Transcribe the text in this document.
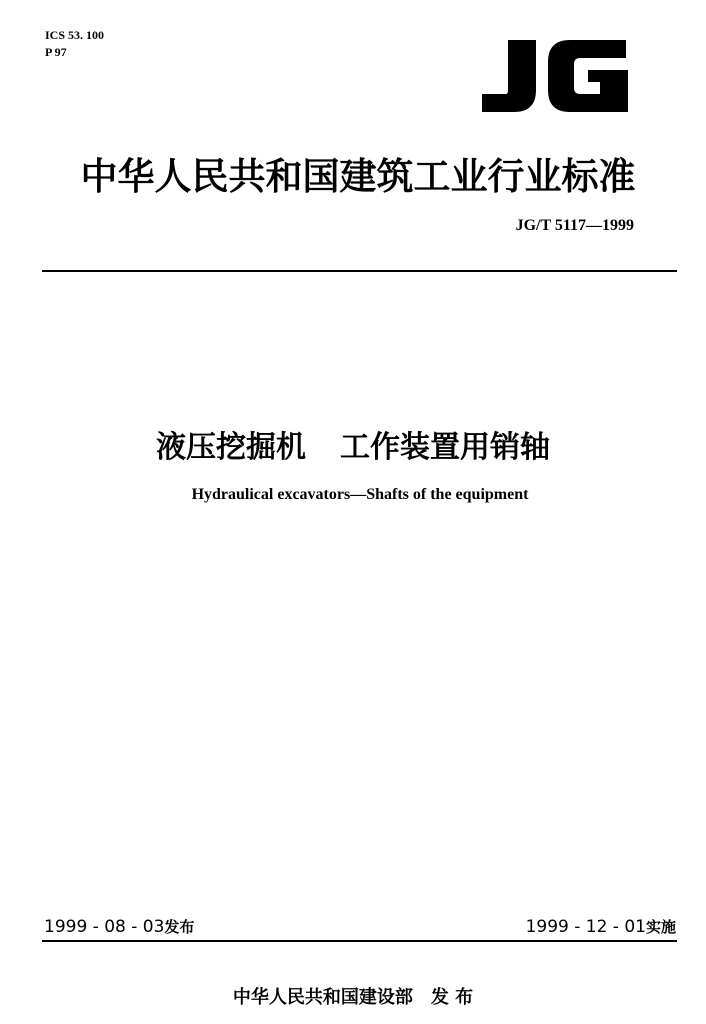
ICS 53. 100
P 97
中华人民共和国建筑工业行业标准
JG/T 5117—1999
液压挖掘机 工作装置用销轴
Hydraulical excavators—Shafts of the equipment
1999 - 08 - 03发布	1999 - 12 - 01实施
中华人民共和国建设部 发 布
